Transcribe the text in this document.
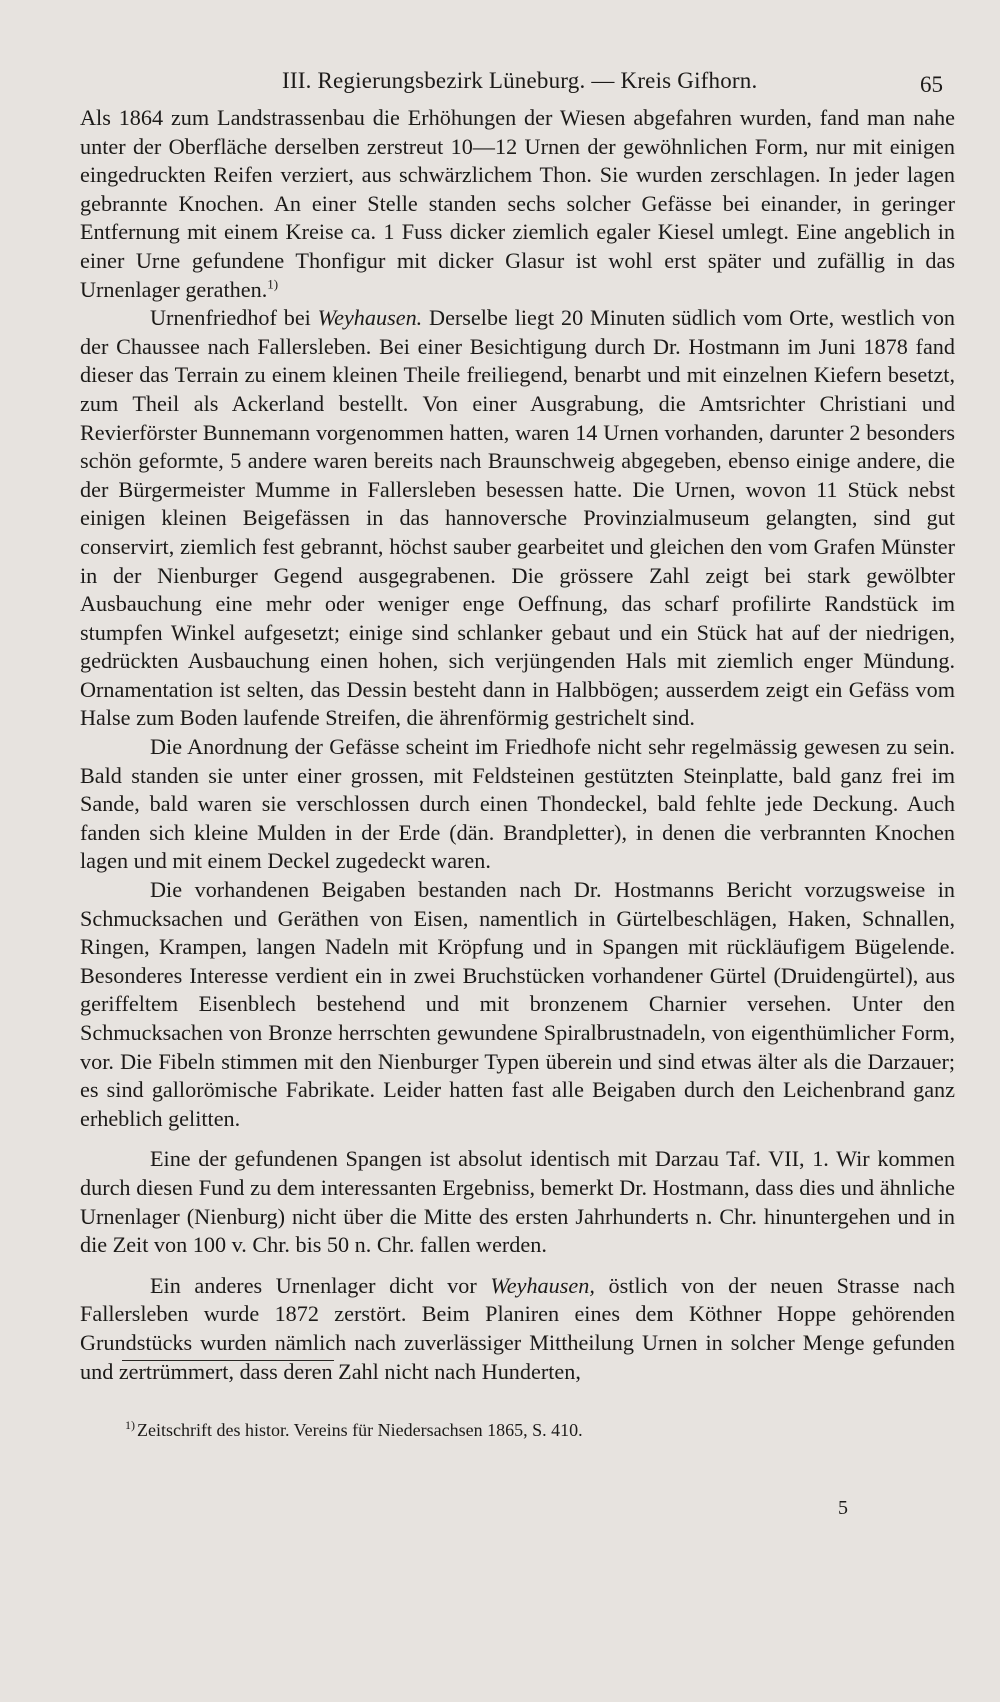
III. Regierungsbezirk Lüneburg. — Kreis Gifhorn.	65

Als 1864 zum Landstrassenbau die Erhöhungen der Wiesen abgefahren wurden, fand man nahe unter der Oberfläche derselben zerstreut 10—12 Urnen der gewöhnlichen Form, nur mit einigen eingedruckten Reifen verziert, aus schwärzlichem Thon. Sie wurden zerschlagen. In jeder lagen gebrannte Knochen. An einer Stelle standen sechs solcher Gefässe bei einander, in geringer Entfernung mit einem Kreise ca. 1 Fuss dicker ziemlich egaler Kiesel umlegt. Eine angeblich in einer Urne gefundene Thonfigur mit dicker Glasur ist wohl erst später und zufällig in das Urnenlager gerathen.$^{1)}$

Urnenfriedhof bei Weyhausen. Derselbe liegt 20 Minuten südlich vom Orte, westlich von der Chaussee nach Fallersleben. Bei einer Besichtigung durch Dr. Hostmann im Juni 1878 fand dieser das Terrain zu einem kleinen Theile freiliegend, benarbt und mit einzelnen Kiefern besetzt, zum Theil als Ackerland bestellt. Von einer Ausgrabung, die Amtsrichter Christiani und Revierförster Bunnemann vorgenommen hatten, waren 14 Urnen vorhanden, darunter 2 besonders schön geformte, 5 andere waren bereits nach Braunschweig abgegeben, ebenso einige andere, die der Bürgermeister Mumme in Fallersleben besessen hatte. Die Urnen, wovon 11 Stück nebst einigen kleinen Beigefässen in das hannoversche Provinzialmuseum gelangten, sind gut conservirt, ziemlich fest gebrannt, höchst sauber gearbeitet und gleichen den vom Grafen Münster in der Nienburger Gegend ausgegrabenen. Die grössere Zahl zeigt bei stark gewölbter Ausbauchung eine mehr oder weniger enge Oeffnung, das scharf profilirte Randstück im stumpfen Winkel aufgesetzt; einige sind schlanker gebaut und ein Stück hat auf der niedrigen, gedrückten Ausbauchung einen hohen, sich verjüngenden Hals mit ziemlich enger Mündung. Ornamentation ist selten, das Dessin besteht dann in Halbbögen; ausserdem zeigt ein Gefäss vom Halse zum Boden laufende Streifen, die ährenförmig gestrichelt sind.

Die Anordnung der Gefässe scheint im Friedhofe nicht sehr regelmässig gewesen zu sein. Bald standen sie unter einer grossen, mit Feldsteinen gestützten Steinplatte, bald ganz frei im Sande, bald waren sie verschlossen durch einen Thondeckel, bald fehlte jede Deckung. Auch fanden sich kleine Mulden in der Erde (dän. Brandpletter), in denen die verbrannten Knochen lagen und mit einem Deckel zugedeckt waren.

Die vorhandenen Beigaben bestanden nach Dr. Hostmanns Bericht vorzugsweise in Schmucksachen und Geräthen von Eisen, namentlich in Gürtelbeschlägen, Haken, Schnallen, Ringen, Krampen, langen Nadeln mit Kröpfung und in Spangen mit rückläufigem Bügelende. Besonderes Interesse verdient ein in zwei Bruchstücken vorhandener Gürtel (Druidengürtel), aus geriffeltem Eisenblech bestehend und mit bronzenem Charnier versehen. Unter den Schmucksachen von Bronze herrschten gewundene Spiralbrustnadeln, von eigenthümlicher Form, vor. Die Fibeln stimmen mit den Nienburger Typen überein und sind etwas älter als die Darzauer; es sind gallorömische Fabrikate. Leider hatten fast alle Beigaben durch den Leichenbrand ganz erheblich gelitten.

Eine der gefundenen Spangen ist absolut identisch mit Darzau Taf. VII, 1. Wir kommen durch diesen Fund zu dem interessanten Ergebniss, bemerkt Dr. Hostmann, dass dies und ähnliche Urnenlager (Nienburg) nicht über die Mitte des ersten Jahrhunderts n. Chr. hinuntergehen und in die Zeit von 100 v. Chr. bis 50 n. Chr. fallen werden.

Ein anderes Urnenlager dicht vor Weyhausen, östlich von der neuen Strasse nach Fallersleben wurde 1872 zerstört. Beim Planiren eines dem Köthner Hoppe gehörenden Grundstücks wurden nämlich nach zuverlässiger Mittheilung Urnen in solcher Menge gefunden und zertrümmert, dass deren Zahl nicht nach Hunderten,

$^{1)}$ Zeitschrift des histor. Vereins für Niedersachsen 1865, S. 410.
5
